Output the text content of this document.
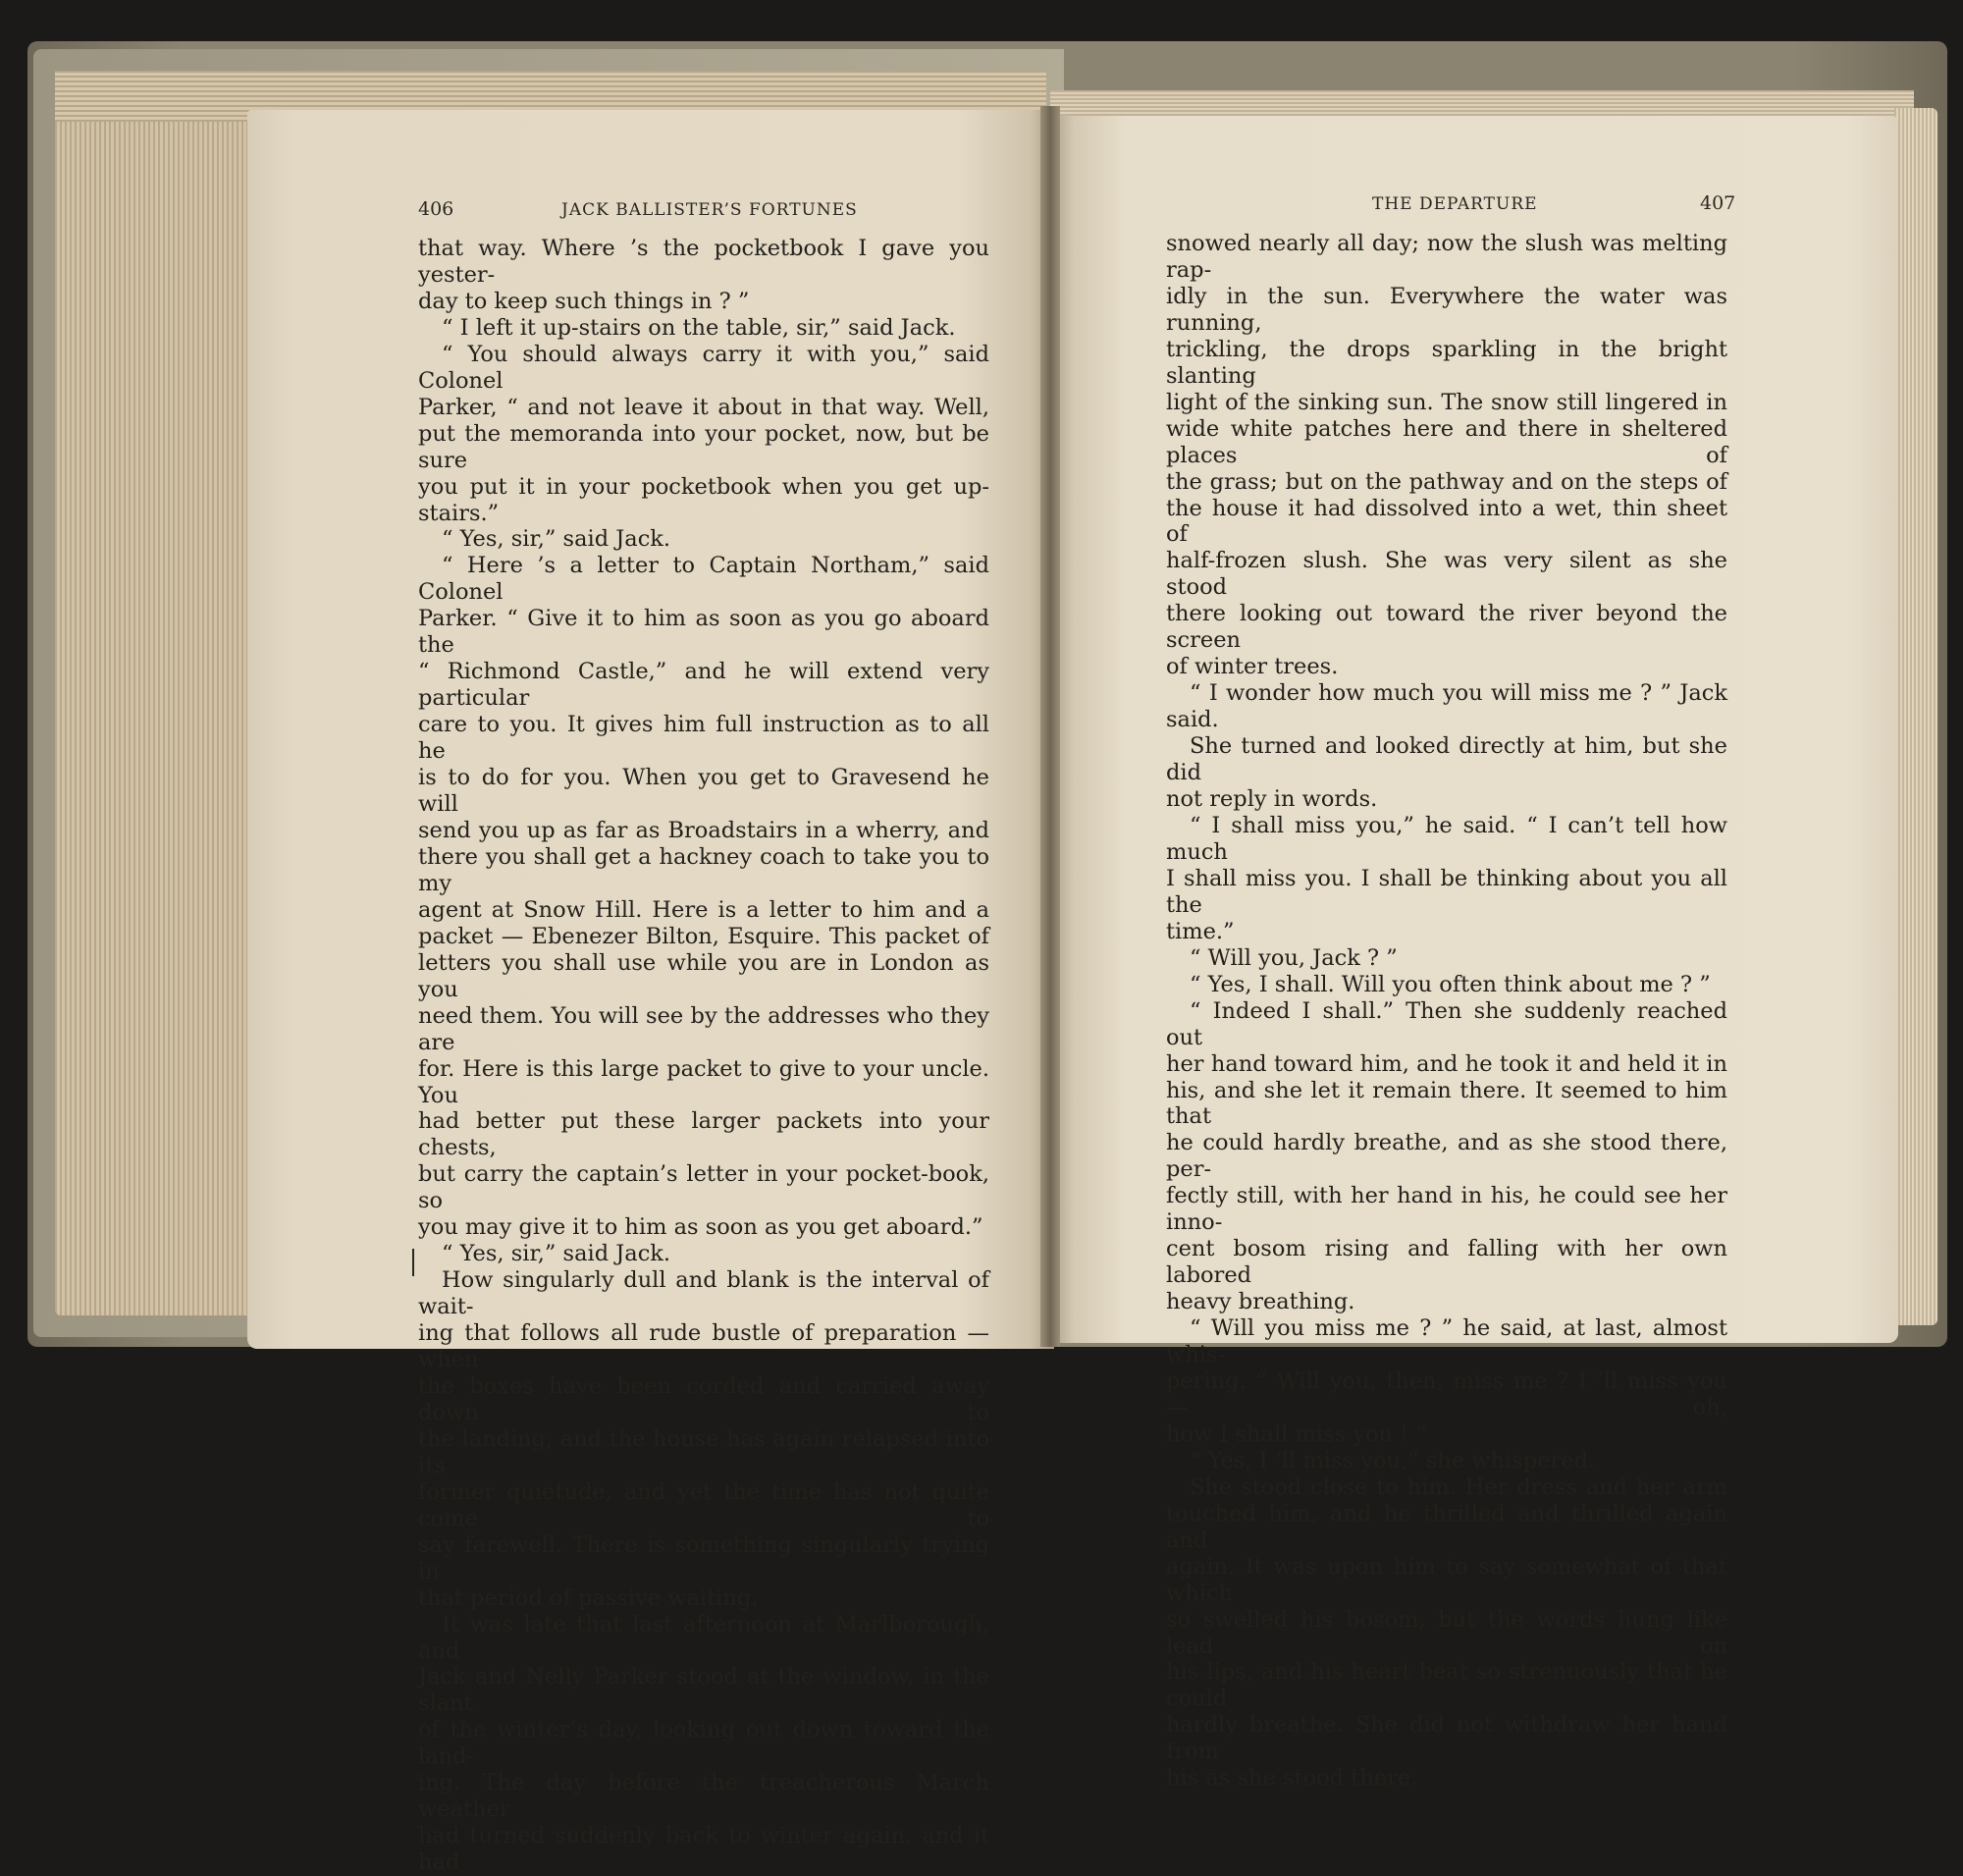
406	JACK BALLISTER’S FORTUNES

that way. Where ’s the pocketbook I gave you yester-

day to keep such things in ? ”

“ I left it up-stairs on the table, sir,” said Jack.

“ You should always carry it with you,” said Colonel

Parker, “ and not leave it about in that way. Well,

put the memoranda into your pocket, now, but be sure

you put it in your pocketbook when you get up-stairs.”

“ Yes, sir,” said Jack.

“ Here ’s a letter to Captain Northam,” said Colonel

Parker. “ Give it to him as soon as you go aboard the

“ Richmond Castle,” and he will extend very particular

care to you. It gives him full instruction as to all he

is to do for you. When you get to Gravesend he will

send you up as far as Broadstairs in a wherry, and

there you shall get a hackney coach to take you to my

agent at Snow Hill. Here is a letter to him and a

packet — Ebenezer Bilton, Esquire. This packet of

letters you shall use while you are in London as you

need them. You will see by the addresses who they are

for. Here is this large packet to give to your uncle. You

had better put these larger packets into your chests,

but carry the captain’s letter in your pocket-book, so

you may give it to him as soon as you get aboard.”

“ Yes, sir,” said Jack.

How singularly dull and blank is the interval of wait-

ing that follows all rude bustle of preparation — when

the boxes have been corded and carried away down to

the landing, and the house has again relapsed into its

former quietude, and yet the time has not quite come to

say farewell. There is something singularly trying in

that period of passive waiting.

It was late that last afternoon at Marlborough, and

Jack and Nelly Parker stood at the window, in the slant

of the winter’s day, looking out down toward the land-

ing. The day before the treacherous March weather

had turned suddenly back to winter again, and it had

THE DEPARTURE	407

snowed nearly all day; now the slush was melting rap-

idly in the sun. Everywhere the water was running,

trickling, the drops sparkling in the bright slanting

light of the sinking sun. The snow still lingered in

wide white patches here and there in sheltered places of

the grass; but on the pathway and on the steps of

the house it had dissolved into a wet, thin sheet of

half-frozen slush. She was very silent as she stood

there looking out toward the river beyond the screen

of winter trees.

“ I wonder how much you will miss me ? ” Jack said.

She turned and looked directly at him, but she did

not reply in words.

“ I shall miss you,” he said. “ I can’t tell how much

I shall miss you. I shall be thinking about you all the

time.”

“ Will you, Jack ? ”

“ Yes, I shall. Will you often think about me ? ”

“ Indeed I shall.” Then she suddenly reached out

her hand toward him, and he took it and held it in

his, and she let it remain there. It seemed to him that

he could hardly breathe, and as she stood there, per-

fectly still, with her hand in his, he could see her inno-

cent bosom rising and falling with her own labored

heavy breathing.

“ Will you miss me ? ” he said, at last, almost whis-

pering. “ Will you, then, miss me ? I ’ll miss you — oh,

how I shall miss you ! ”

“ Yes, I ’ll miss you,” she whispered.

She stood close to him. Her dress and her arm

touched him, and he thrilled and thrilled again and

again. It was upon him to say somewhat of that which

so swelled his bosom, but the words hung like lead on

his lips, and his heart beat so strenuously that he could

hardly breathe. She did not withdraw her hand from

his as she stood there.
